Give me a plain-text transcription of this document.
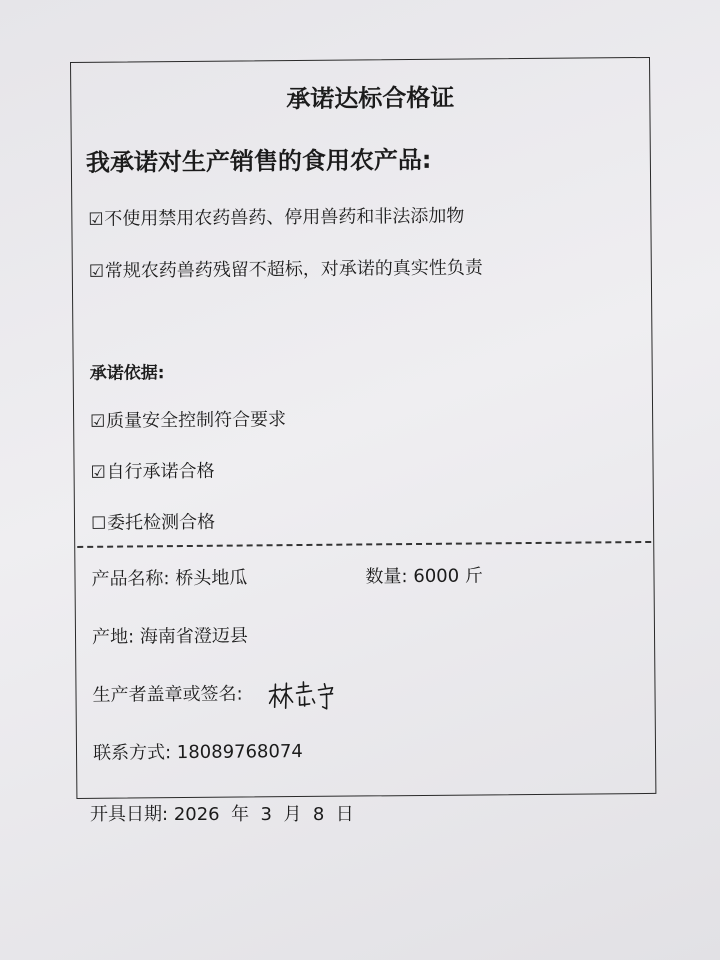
承诺达标合格证
我承诺对生产销售的食用农产品:
☑不使用禁用农药兽药、停用兽药和非法添加物
☑常规农药兽药残留不超标，对承诺的真实性负责
承诺依据:
☑质量安全控制符合要求
☑自行承诺合格
☐委托检测合格
产品名称: 桥头地瓜	数量: 6000 斤
产地: 海南省澄迈县
生产者盖章或签名:
联系方式: 18089768074
开具日期: 2026 年 3 月 8 日
